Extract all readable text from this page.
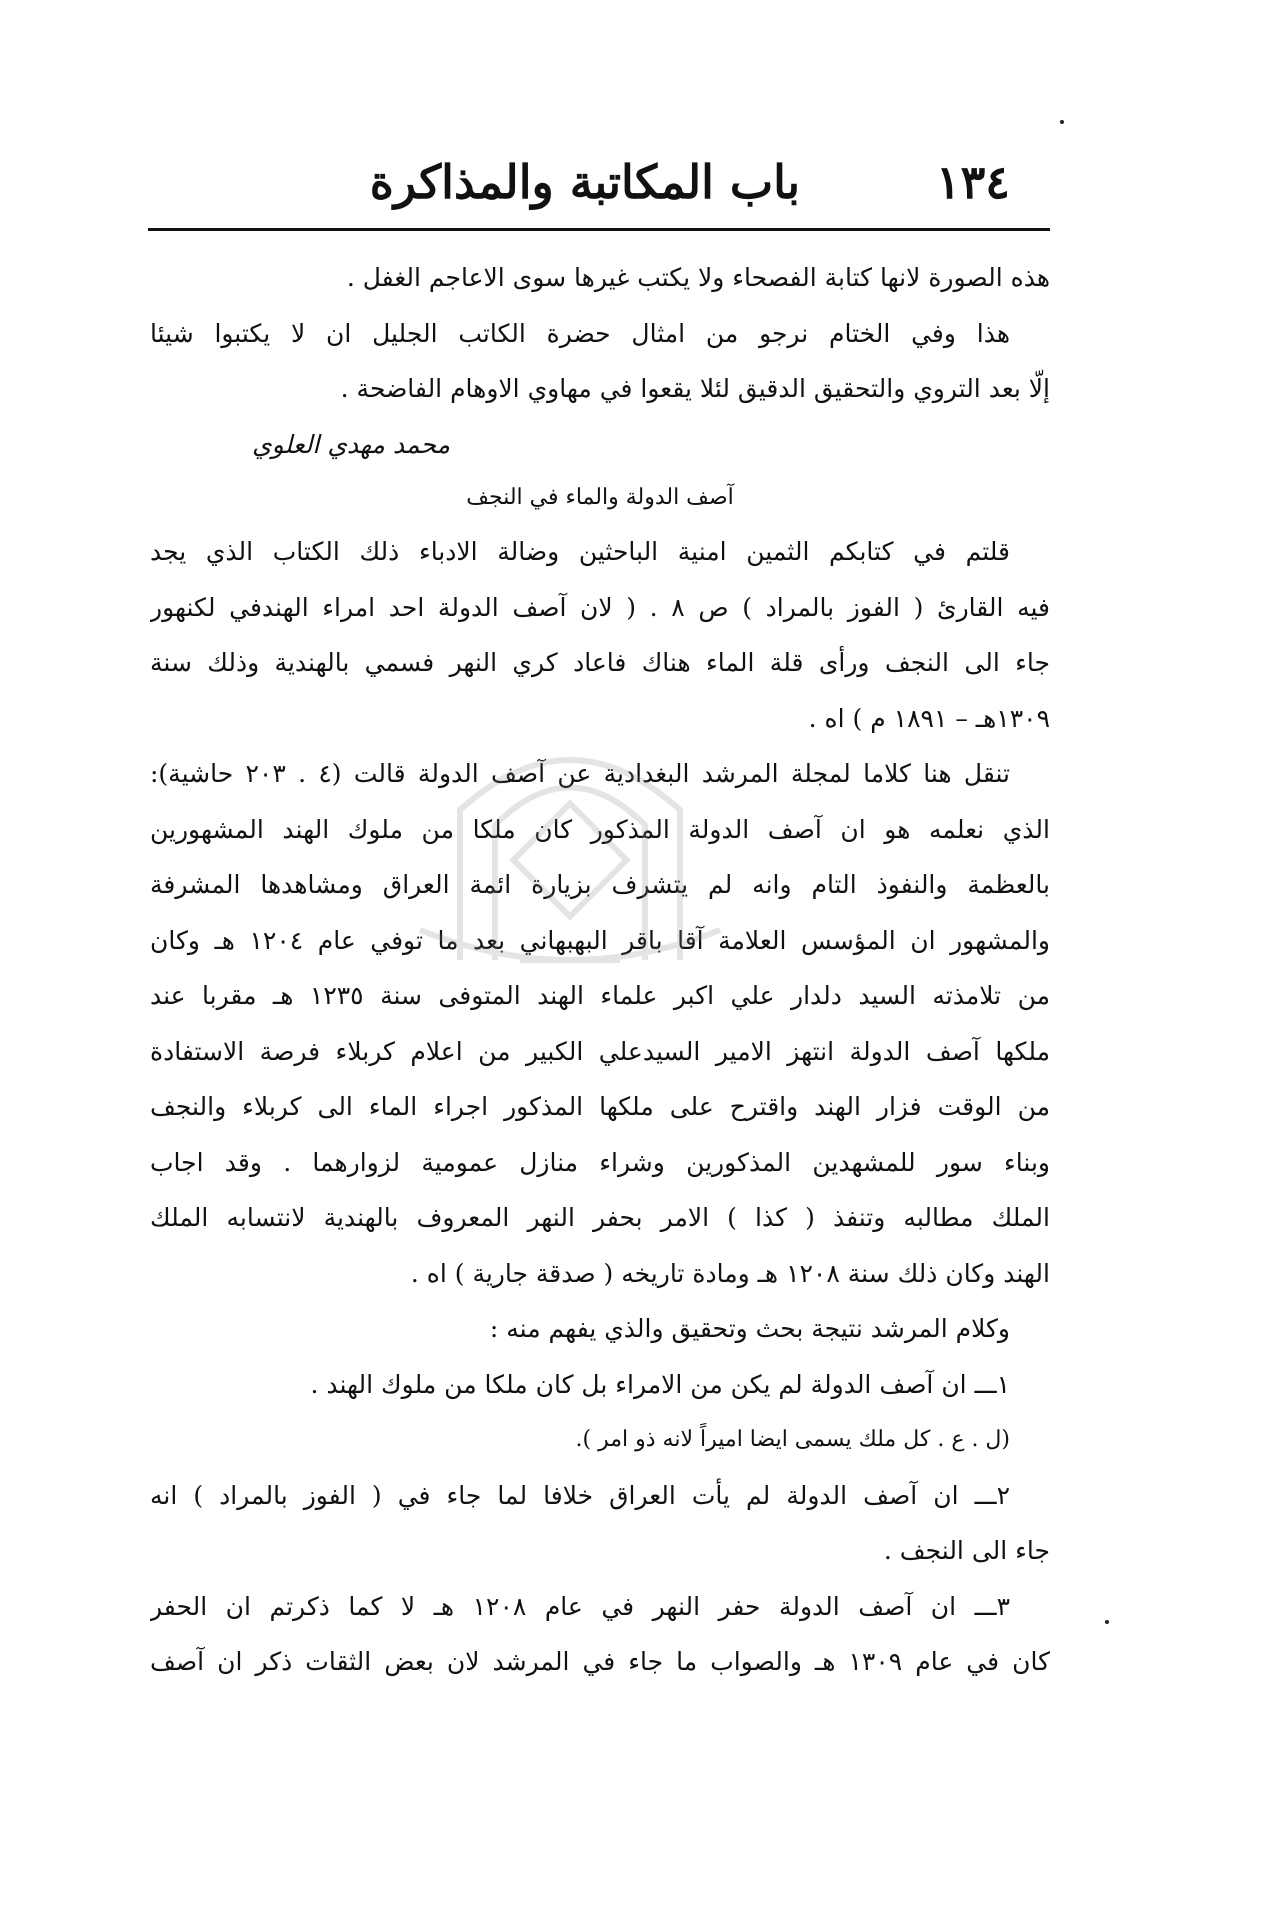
باب المكاتبة والمذاكرة	١٣٤
هذه الصورة لانها كتابة الفصحاء ولا يكتب غيرها سوى الاعاجم الغفل .
هذا وفي الختام نرجو من امثال حضرة الكاتب الجليل ان لا يكتبوا شيئا
إلّا بعد التروي والتحقيق الدقيق لئلا يقعوا في مهاوي الاوهام الفاضحة .
محمد مهدي العلوي
آصف الدولة والماء في النجف
قلتم في كتابكم الثمين امنية الباحثين وضالة الادباء ذلك الكتاب الذي يجد
فيه القارئ ( الفوز بالمراد ) ص ٨ . ( لان آصف الدولة احد امراء الهندفي لكنهور
جاء الى النجف ورأى قلة الماء هناك فاعاد كري النهر فسمي بالهندية وذلك سنة
١٣٠٩هـ – ١٨٩١ م ) اه .
تنقل هنا كلاما لمجلة المرشد البغدادية عن آصف الدولة قالت (٤ . ٢٠٣ حاشية):
الذي نعلمه هو ان آصف الدولة المذكور كان ملكا من ملوك الهند المشهورين
بالعظمة والنفوذ التام وانه لم يتشرف بزيارة ائمة العراق ومشاهدها المشرفة
والمشهور ان المؤسس العلامة آقا باقر البهبهاني بعد ما توفي عام ١٢٠٤ هـ وكان
من تلامذته السيد دلدار علي اكبر علماء الهند المتوفى سنة ١٢٣٥ هـ مقربا عند
ملكها آصف الدولة انتهز الامير السيدعلي الكبير من اعلام كربلاء فرصة الاستفادة
من الوقت فزار الهند واقترح على ملكها المذكور اجراء الماء الى كربلاء والنجف
وبناء سور للمشهدين المذكورين وشراء منازل عمومية لزوارهما . وقد اجاب
الملك مطالبه وتنفذ ( كذا ) الامر بحفر النهر المعروف بالهندية لانتسابه الملك
الهند وكان ذلك سنة ١٢٠٨ هـ ومادة تاريخه ( صدقة جارية ) اه .
وكلام المرشد نتيجة بحث وتحقيق والذي يفهم منه :
١ـــ ان آصف الدولة لم يكن من الامراء بل كان ملكا من ملوك الهند .
(ل . ع . كل ملك يسمى ايضا اميراً لانه ذو امر ).
٢ـــ ان آصف الدولة لم يأت العراق خلافا لما جاء في ( الفوز بالمراد ) انه
جاء الى النجف .
٣ـــ ان آصف الدولة حفر النهر في عام ١٢٠٨ هـ لا كما ذكرتم ان الحفر
كان في عام ١٣٠٩ هـ والصواب ما جاء في المرشد لان بعض الثقات ذكر ان آصف
